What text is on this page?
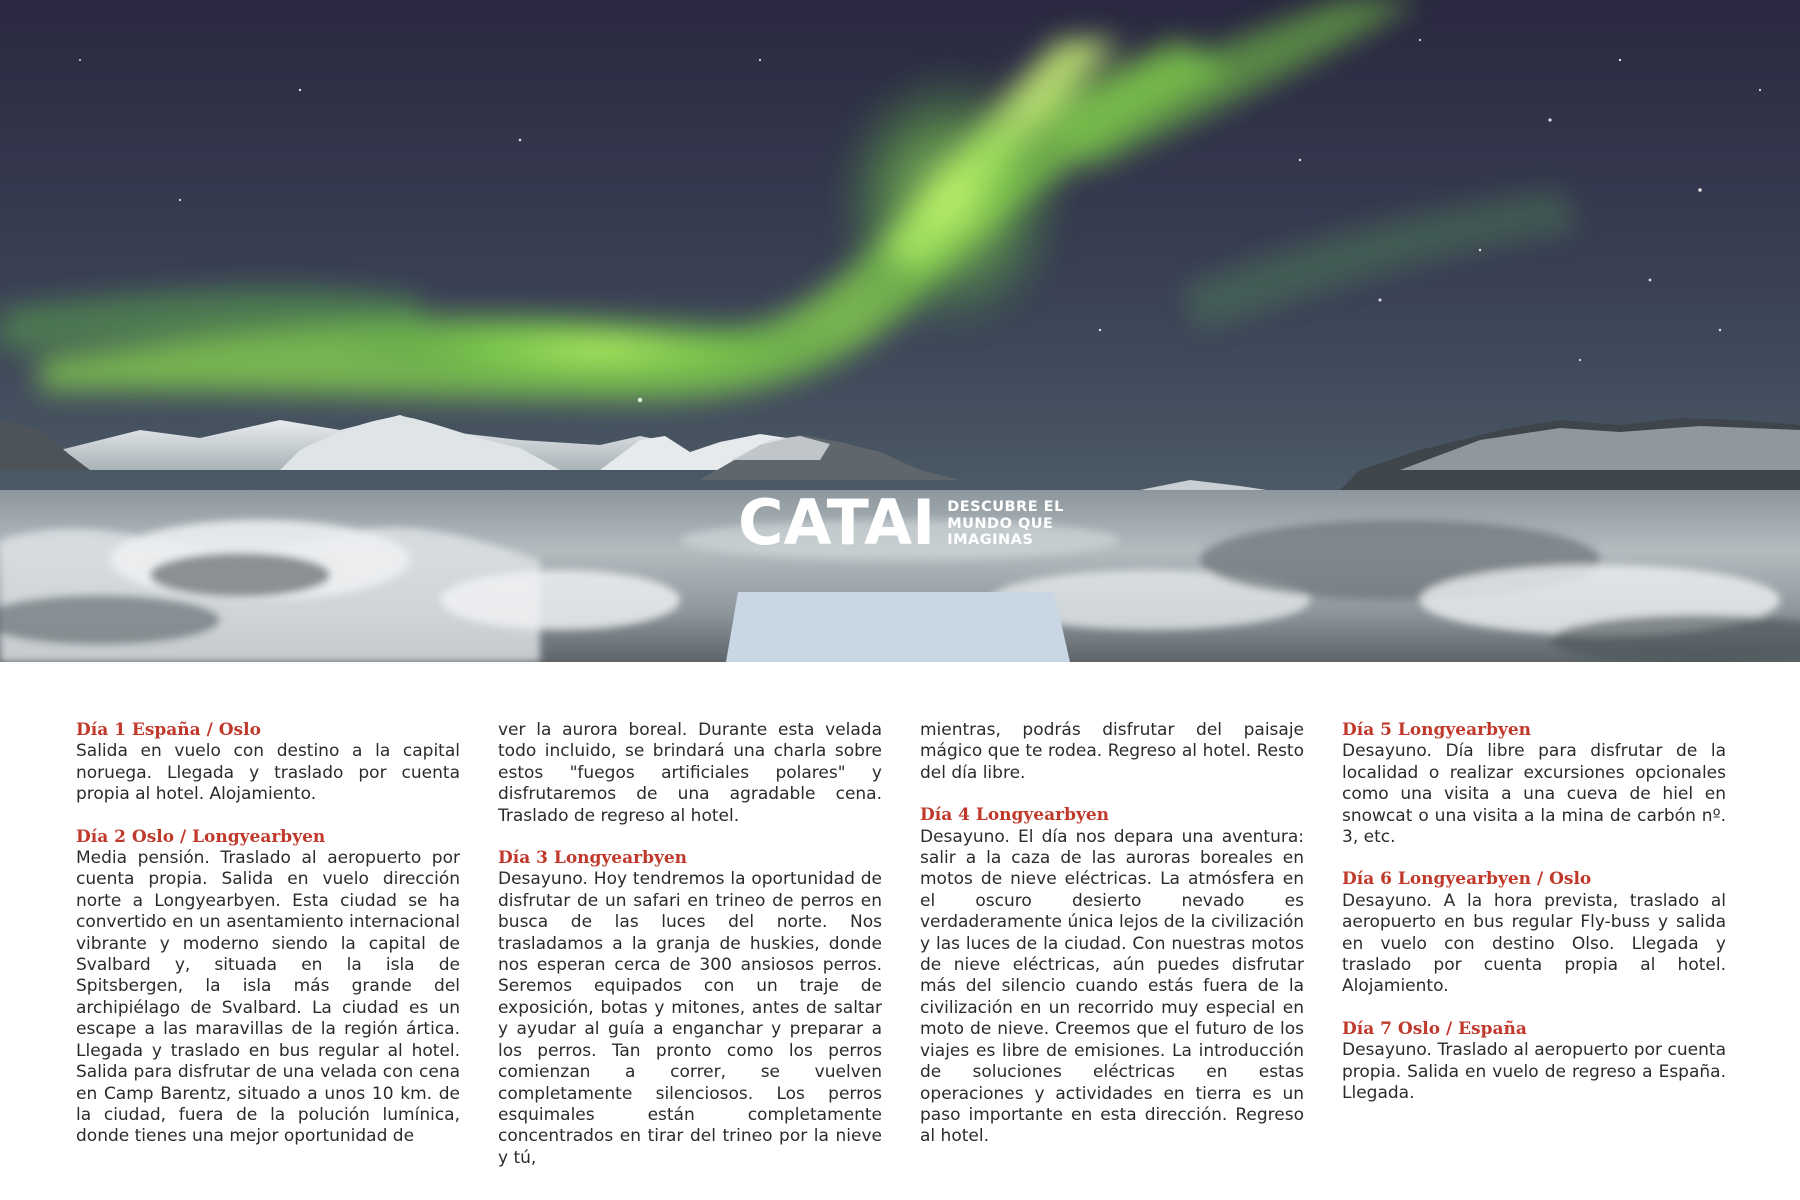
CATAI DESCUBRE EL
MUNDO QUE
IMAGINAS
Día 1 España / Oslo

Salida en vuelo con destino a la capital noruega. Llegada y traslado por cuenta propia al hotel. Alojamiento.

Día 2 Oslo / Longyearbyen

Media pensión. Traslado al aeropuerto por cuenta propia. Salida en vuelo dirección norte a Longyearbyen. Esta ciudad se ha convertido en un asentamiento internacional vibrante y moderno siendo la capital de Svalbard y, situada en la isla de Spitsbergen, la isla más grande del archipiélago de Svalbard. La ciudad es un escape a las maravillas de la región ártica. Llegada y traslado en bus regular al hotel. Salida para disfrutar de una velada con cena en Camp Barentz, situado a unos 10 km. de la ciudad, fuera de la polución lumínica, donde tienes una mejor oportunidad de

ver la aurora boreal. Durante esta velada todo incluido, se brindará una charla sobre estos "fuegos artificiales polares" y disfrutaremos de una agradable cena. Traslado de regreso al hotel.

Día 3 Longyearbyen

Desayuno. Hoy tendremos la oportunidad de disfrutar de un safari en trineo de perros en busca de las luces del norte. Nos trasladamos a la granja de huskies, donde nos esperan cerca de 300 ansiosos perros. Seremos equipados con un traje de exposición, botas y mitones, antes de saltar y ayudar al guía a enganchar y preparar a los perros. Tan pronto como los perros comienzan a correr, se vuelven completamente silenciosos. Los perros esquimales están completamente concentrados en tirar del trineo por la nieve y tú,

mientras, podrás disfrutar del paisaje mágico que te rodea. Regreso al hotel. Resto del día libre.

Día 4 Longyearbyen

Desayuno. El día nos depara una aventura: salir a la caza de las auroras boreales en motos de nieve eléctricas. La atmósfera en el oscuro desierto nevado es verdaderamente única lejos de la civilización y las luces de la ciudad. Con nuestras motos de nieve eléctricas, aún puedes disfrutar más del silencio cuando estás fuera de la civilización en un recorrido muy especial en moto de nieve. Creemos que el futuro de los viajes es libre de emisiones. La introducción de soluciones eléctricas en estas operaciones y actividades en tierra es un paso importante en esta dirección. Regreso al hotel.

Día 5 Longyearbyen

Desayuno. Día libre para disfrutar de la localidad o realizar excursiones opcionales como una visita a una cueva de hiel en snowcat o una visita a la mina de carbón nº. 3, etc.

Día 6 Longyearbyen / Oslo

Desayuno. A la hora prevista, traslado al aeropuerto en bus regular Fly-buss y salida en vuelo con destino Olso. Llegada y traslado por cuenta propia al hotel. Alojamiento.

Día 7 Oslo / España

Desayuno. Traslado al aeropuerto por cuenta propia. Salida en vuelo de regreso a España. Llegada.
